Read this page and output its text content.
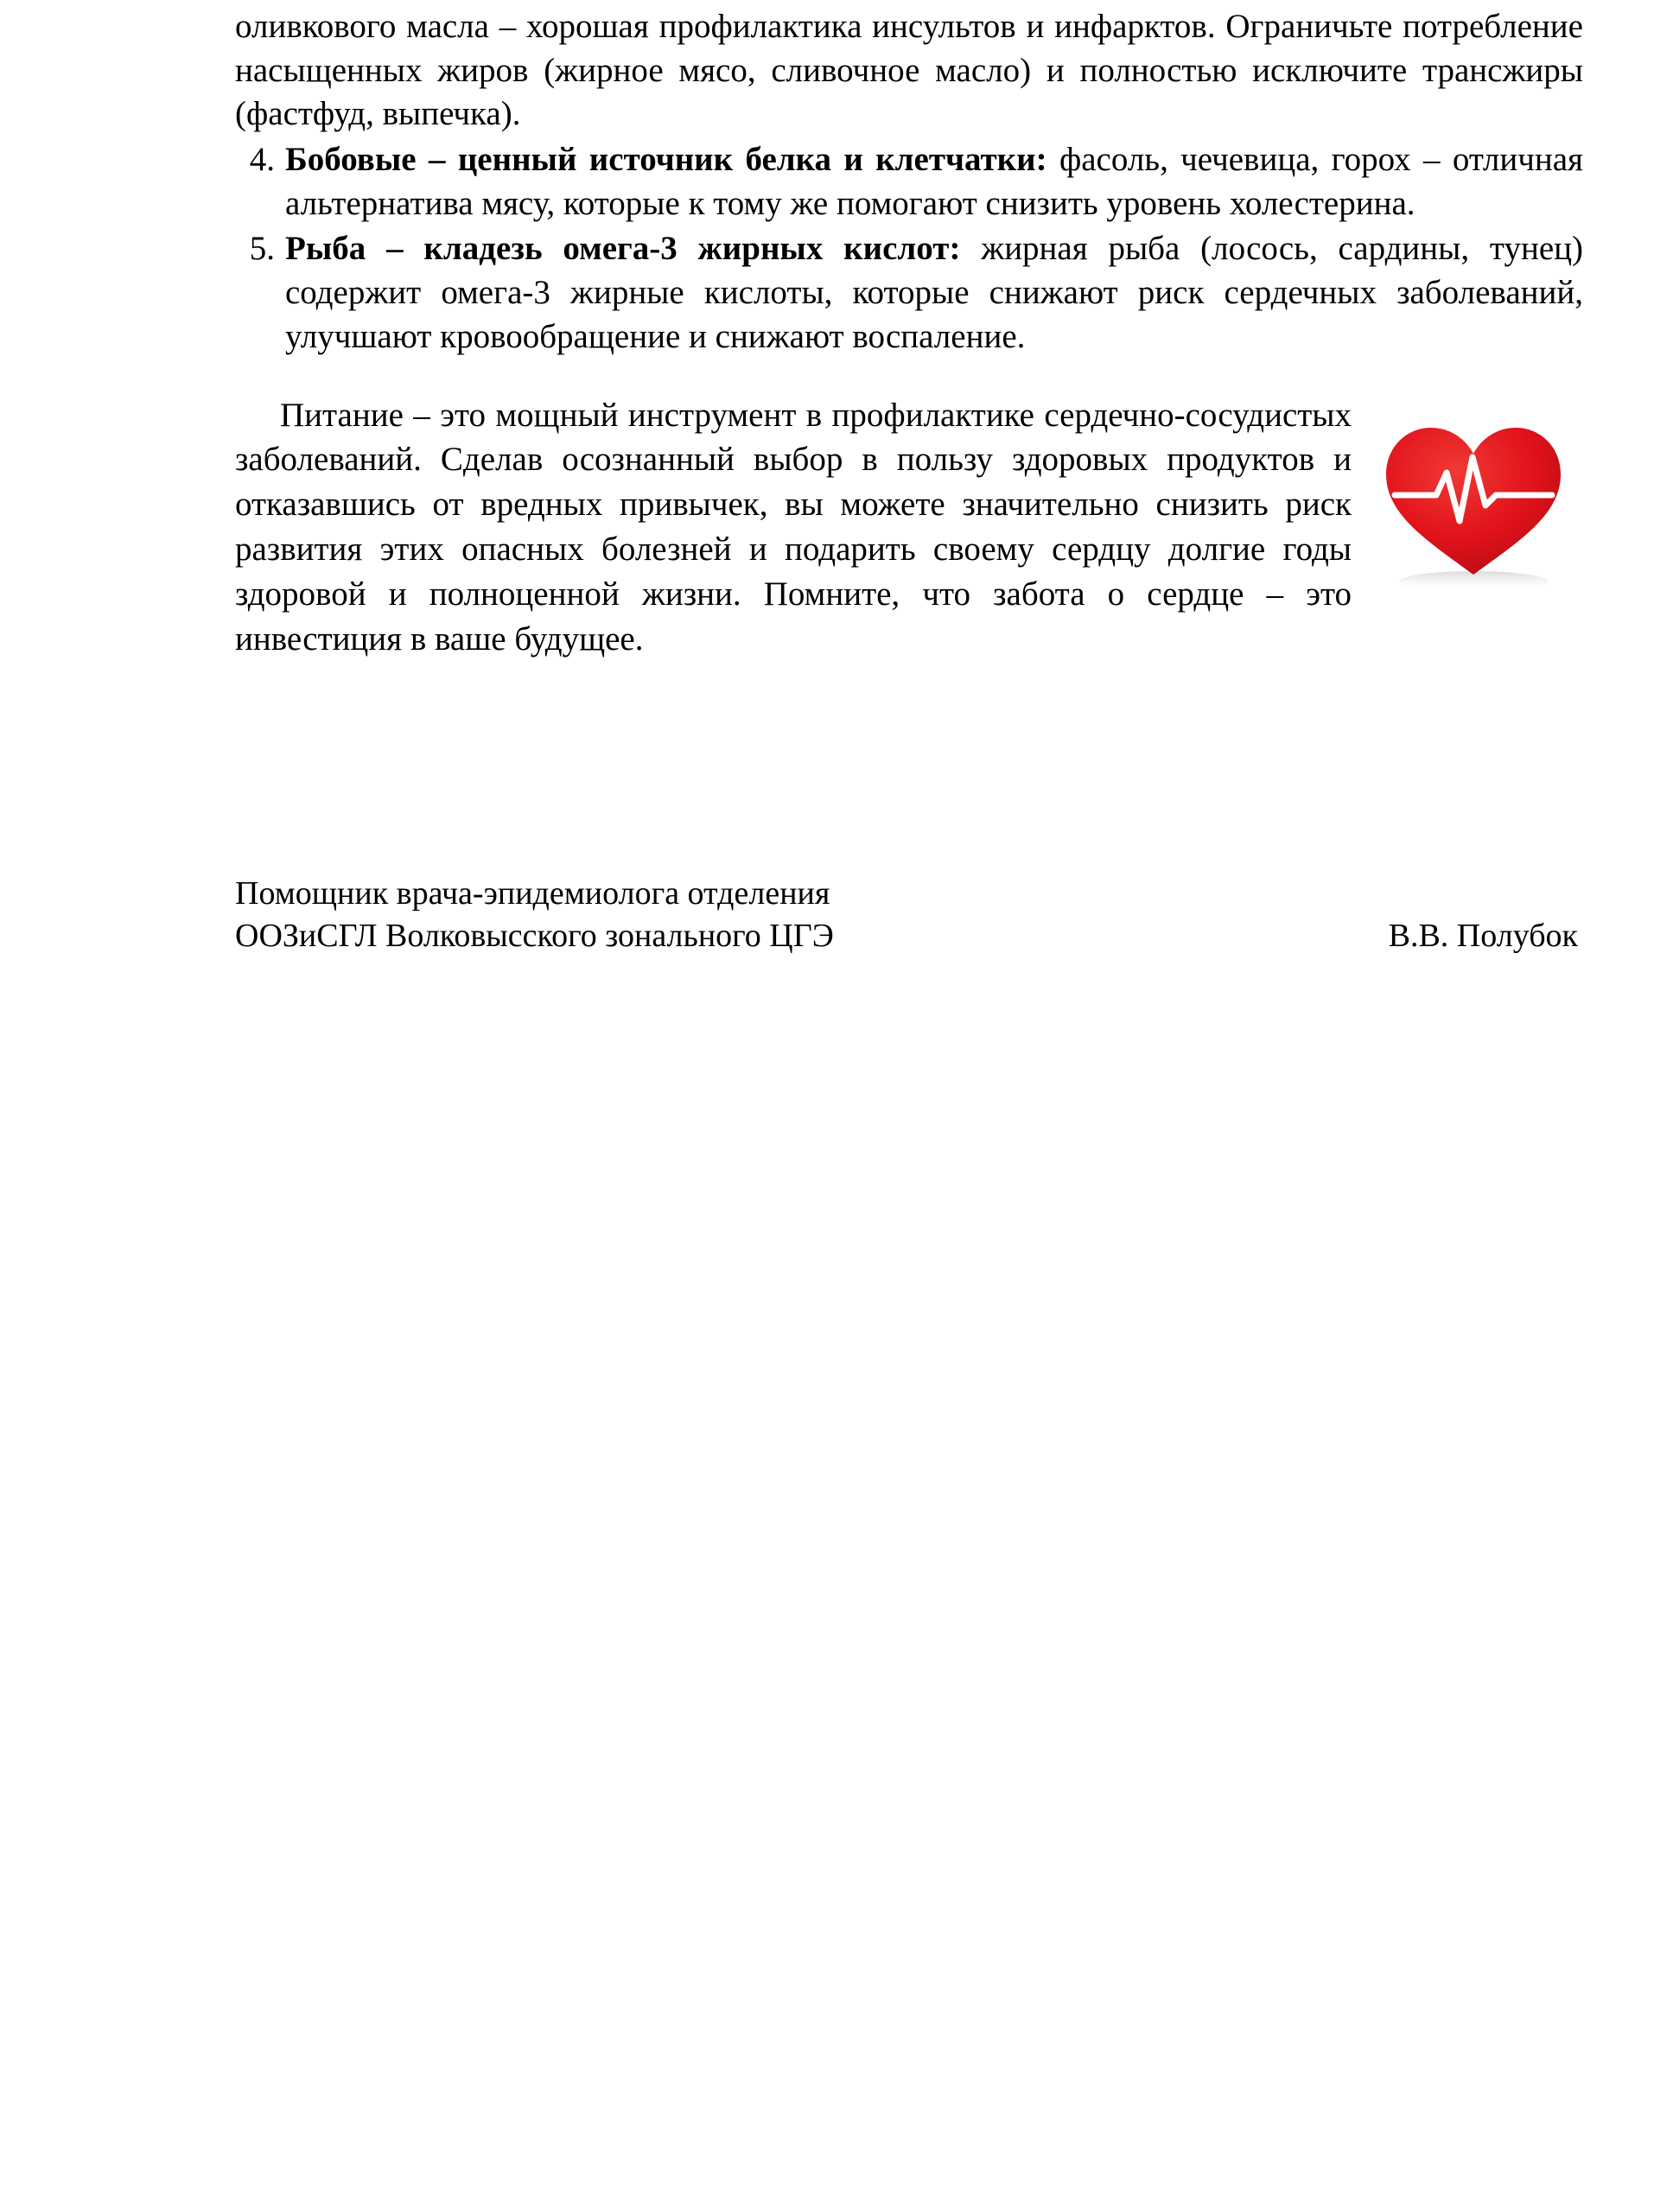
оливкового масла – хорошая профилактика инсультов и инфарктов. Ограничьте потребление насыщенных жиров (жирное мясо, сливочное масло) и полностью исключите трансжиры (фастфуд, выпечка).

4. Бобовые – ценный источник белка и клетчатки: фасоль, чечевица, горох – отличная альтернатива мясу, которые к тому же помогают снизить уровень холестерина.
5. Рыба – кладезь омега-3 жирных кислот: жирная рыба (лосось, сардины, тунец) содержит омега-3 жирные кислоты, которые снижают риск сердечных заболеваний, улучшают кровообращение и снижают воспаление.

Питание – это мощный инструмент в профилактике сердечно-сосудистых заболеваний. Сделав осознанный выбор в пользу здоровых продуктов и отказавшись от вредных привычек, вы можете значительно снизить риск развития этих опасных болезней и подарить своему сердцу долгие годы здоровой и полноценной жизни. Помните, что забота о сердце – это инвестиция в ваше будущее.

Помощник врача-эпидемиолога отделения
ООЗиСГЛ Волковысского зонального ЦГЭ	В.В. Полубок
